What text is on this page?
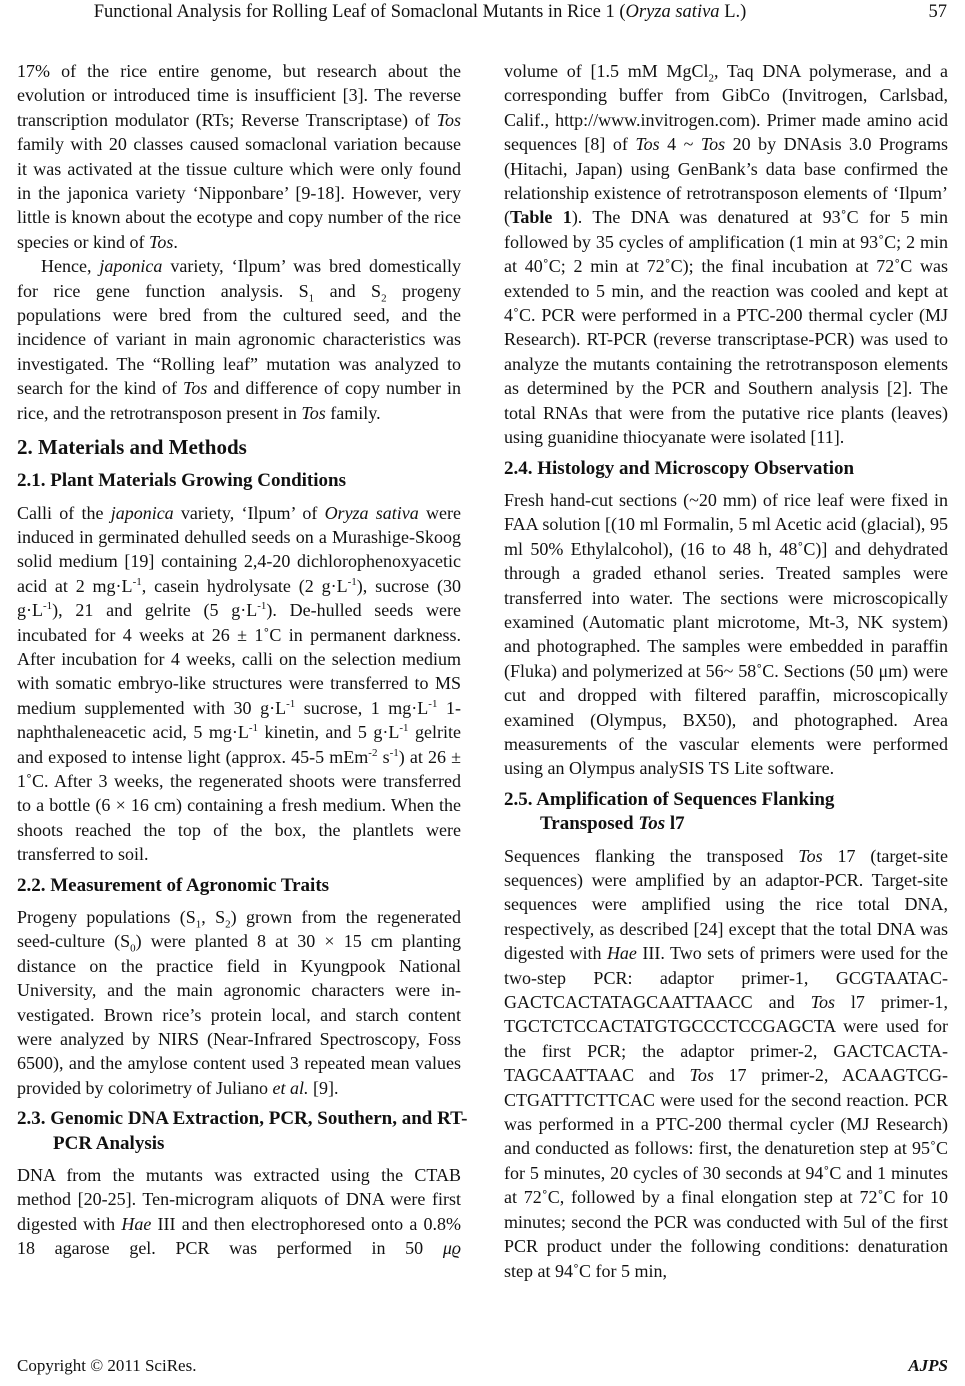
Functional Analysis for Rolling Leaf of Somaclonal Mutants in Rice 1 (Oryza sativa L.)	57

17% of the rice entire genome, but research about the evolution or introduced time is insufficient [3]. The reverse transcription modulator (RTs; Reverse Transcriptase) of Tos family with 20 classes caused somaclonal variation because it was activated at the tissue culture which were only found in the japonica variety ‘Nipponbare’ [9-18]. However, very little is known about the ecotype and copy number of the rice species or kind of Tos.

Hence, japonica variety, ‘Ilpum’ was bred domestically for rice gene function analysis. $S_1$ and $S_2$ progeny populations were bred from the cultured seed, and the incidence of variant in main agronomic characteristics was investigated. The “Rolling leaf” mutation was analyzed to search for the kind of Tos and difference of copy number in rice, and the retrotransposon present in Tos family.

2. Materials and Methods
2.1. Plant Materials Growing Conditions

Calli of the japonica variety, ‘Ilpum’ of Oryza sativa were induced in germinated dehulled seeds on a Murashige-Skoog solid medium [19] containing 2,4-20 dichlorophenoxyacetic acid at 2 $mg\cdot L^{-1}$, casein hydrolysate (2 $g\cdot L^{-1}$), sucrose (30 $g\cdot L^{-1}$), 21 and gelrite (5 $g\cdot L^{-1}$). De-hulled seeds were incubated for 4 weeks at 26 ± 1˚C in permanent darkness. After incubation for 4 weeks, calli on the selection medium with somatic embryo-like structures were transferred to MS medium supplemented with 30 $g\cdot L^{-1}$ sucrose, 1 $mg\cdot L^{-1}$ 1-naphthaleneacetic acid, 5 $mg\cdot L^{-1}$ kinetin, and 5 $g\cdot L^{-1}$ gelrite and exposed to intense light (approx. 45-5 mEm$^{-2}$ $s^{-1}$) at 26 ± 1˚C. After 3 weeks, the regenerated shoots were transferred to a bottle (6 × 16 cm) containing a fresh medium. When the shoots reached the top of the box, the plantlets were transferred to soil.

2.2. Measurement of Agronomic Traits

Progeny populations ($S_1$, $S_2$) grown from the regenerated seed-culture $(S_0)$ were planted 8 at 30 × 15 cm planting distance on the practice field in Kyungpook National University, and the main agronomic characters were investigated. Brown rice’s protein local, and starch content were analyzed by NIRS (Near-Infrared Spectroscopy, Foss 6500), and the amylose content used 3 repeated mean values provided by colorimetry of Juliano et al. [9].

2.3. Genomic DNA Extraction, PCR, Southern, and RT-PCR Analysis

DNA from the mutants was extracted using the CTAB method [20-25]. Ten-microgram aliquots of DNA were first digested with Hae III and then electrophoresed onto a 0.8% 18 agarose gel. PCR was performed in 50 μϱ

volume of [1.5 mM MgCl$_2$, Taq DNA polymerase, and a corresponding buffer from GibCo (Invitrogen, Carlsbad, Calif., http://www.invitrogen.com). Primer made amino acid sequences [8] of Tos 4 ~ Tos 20 by DNAsis 3.0 Programs (Hitachi, Japan) using GenBank’s data base confirmed the relationship existence of retrotransposon elements of ‘Ilpum’ (Table 1). The DNA was denatured at 93˚C for 5 min followed by 35 cycles of amplification (1 min at 93˚C; 2 min at 40˚C; 2 min at 72˚C); the final incubation at 72˚C was extended to 5 min, and the reaction was cooled and kept at 4˚C. PCR were performed in a PTC-200 thermal cycler (MJ Research). RT-PCR (reverse transcriptase-PCR) was used to analyze the mutants containing the retrotransposon elements as determined by the PCR and Southern analysis [2]. The total RNAs that were from the putative rice plants (leaves) using guanidine thiocyanate were isolated [11].

2.4. Histology and Microscopy Observation

Fresh hand-cut sections (~20 mm) of rice leaf were fixed in FAA solution [(10 ml Formalin, 5 ml Acetic acid (glacial), 95 ml 50% Ethylalcohol), (16 to 48 h, 48˚C)] and dehydrated through a graded ethanol series. Treated samples were transferred into water. The sections were microscopically examined (Automatic plant microtome, Mt-3, NK system) and photographed. The samples were embedded in paraffin (Fluka) and polymerized at 56~ 58˚C. Sections (50 μm) were cut and dropped with filtered paraffin, microscopically examined (Olympus, BX50), and photographed. Area measurements of the vascular elements were performed using an Olympus analySIS TS Lite software.

2.5. Amplification of Sequences Flanking Transposed Tos l7

Sequences flanking the transposed Tos 17 (target-site sequences) were amplified by an adaptor-PCR. Target-site sequences were amplified using the rice total DNA, respectively, as described [24] except that the total DNA was digested with Hae III. Two sets of primers were used for the two-step PCR: adaptor primer-1, GCGTAATAC-GACTCACTATAGCAATTAACC and Tos l7 primer-1, TGCTCTCCACTATGTGCCCTCCGAGCTA were used for the first PCR; the adaptor primer-2, GACTCACTA-TAGCAATTAAC and Tos 17 primer-2, ACAAGTCG-CTGATTTCTTCAC were used for the second reaction. PCR was performed in a PTC-200 thermal cycler (MJ Research) and conducted as follows: first, the denaturetion step at 95˚C for 5 minutes, 20 cycles of 30 seconds at 94˚C and 1 minutes at 72˚C, followed by a final elongation step at 72˚C for 10 minutes; second the PCR was conducted with 5ul of the first PCR product under the following conditions: denaturation step at 94˚C for 5 min,

Copyright © 2011 SciRes.	AJPS
